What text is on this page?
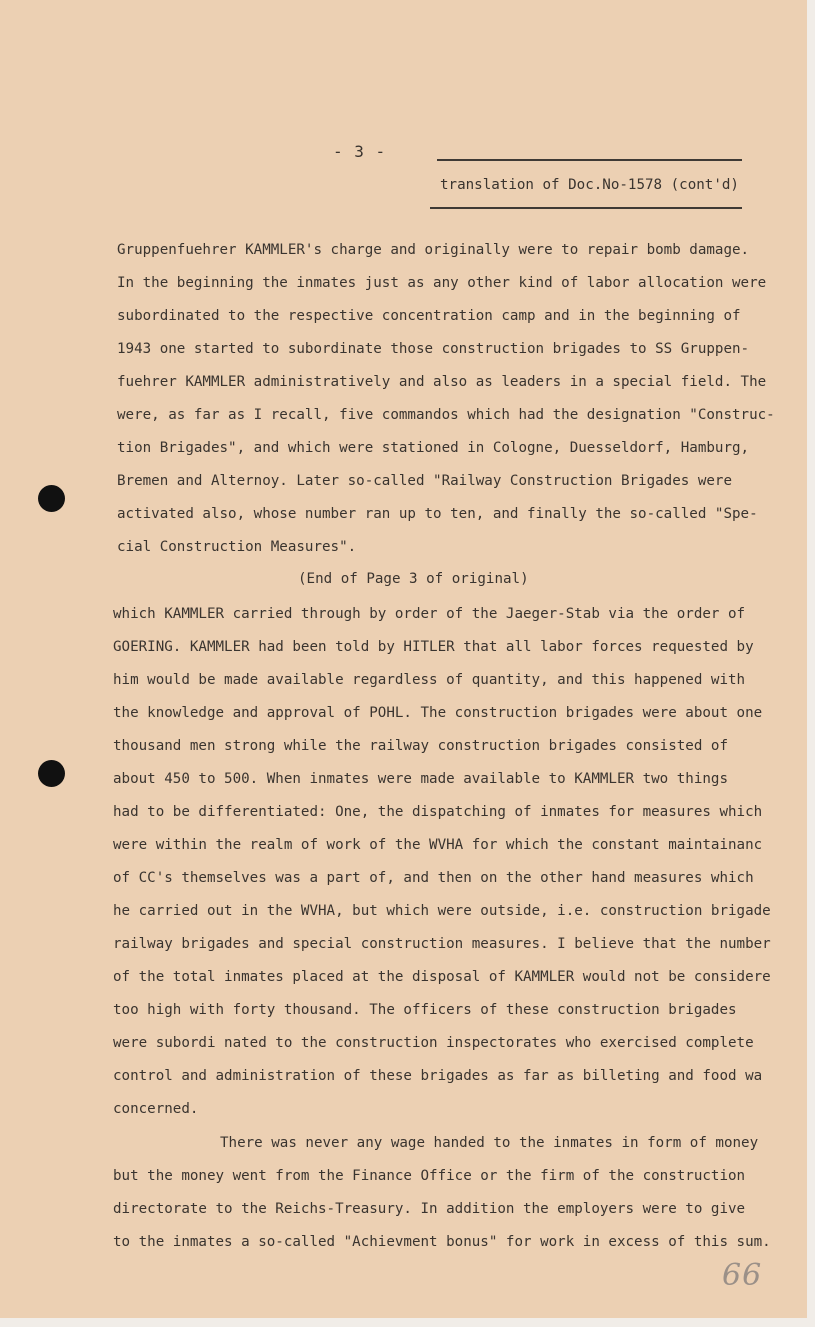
- 3 -
translation of Doc.No-1578 (cont'd)
Gruppenfuehrer KAMMLER's charge and originally were to repair bomb damage.
In the beginning the inmates just as any other kind of labor allocation were
subordinated to the respective concentration camp and in the beginning of
1943 one started to subordinate those construction brigades to SS Gruppen-
fuehrer KAMMLER administratively and also as leaders in a special field. The
were, as far as I recall, five commandos which had the designation "Construc-
tion Brigades", and which were stationed in Cologne, Duesseldorf, Hamburg,
Bremen and Alternoy. Later so-called "Railway Construction Brigades were
activated also, whose number ran up to ten, and finally the so-called "Spe-
cial Construction Measures".
(End of Page 3 of original)
which KAMMLER carried through by order of the Jaeger-Stab via the order of
GOERING. KAMMLER had been told by HITLER that all labor forces requested by
him would be made available regardless of quantity, and this happened with
the knowledge and approval of POHL. The construction brigades were about one
thousand men strong while the railway construction brigades consisted of
about 450 to 500. When inmates were made available to KAMMLER two things
had to be differentiated: One, the dispatching of inmates for measures which
were within the realm of work of the WVHA for which the constant maintainanc
of CC's themselves was a part of, and then on the other hand measures which
he carried out in the WVHA, but which were outside, i.e. construction brigade
railway brigades and special construction measures. I believe that the number
of the total inmates placed at the disposal of KAMMLER would not be considere
too high with forty thousand. The officers of these construction brigades
were subordi nated to the construction inspectorates who exercised complete
control and administration of these brigades as far as billeting and food wa
concerned.
There was never any wage handed to the inmates in form of money
but the money went from the Finance Office or the firm of the construction
directorate to the Reichs-Treasury. In addition the employers were to give
to the inmates a so-called "Achievment bonus" for work in excess of this sum.
66
